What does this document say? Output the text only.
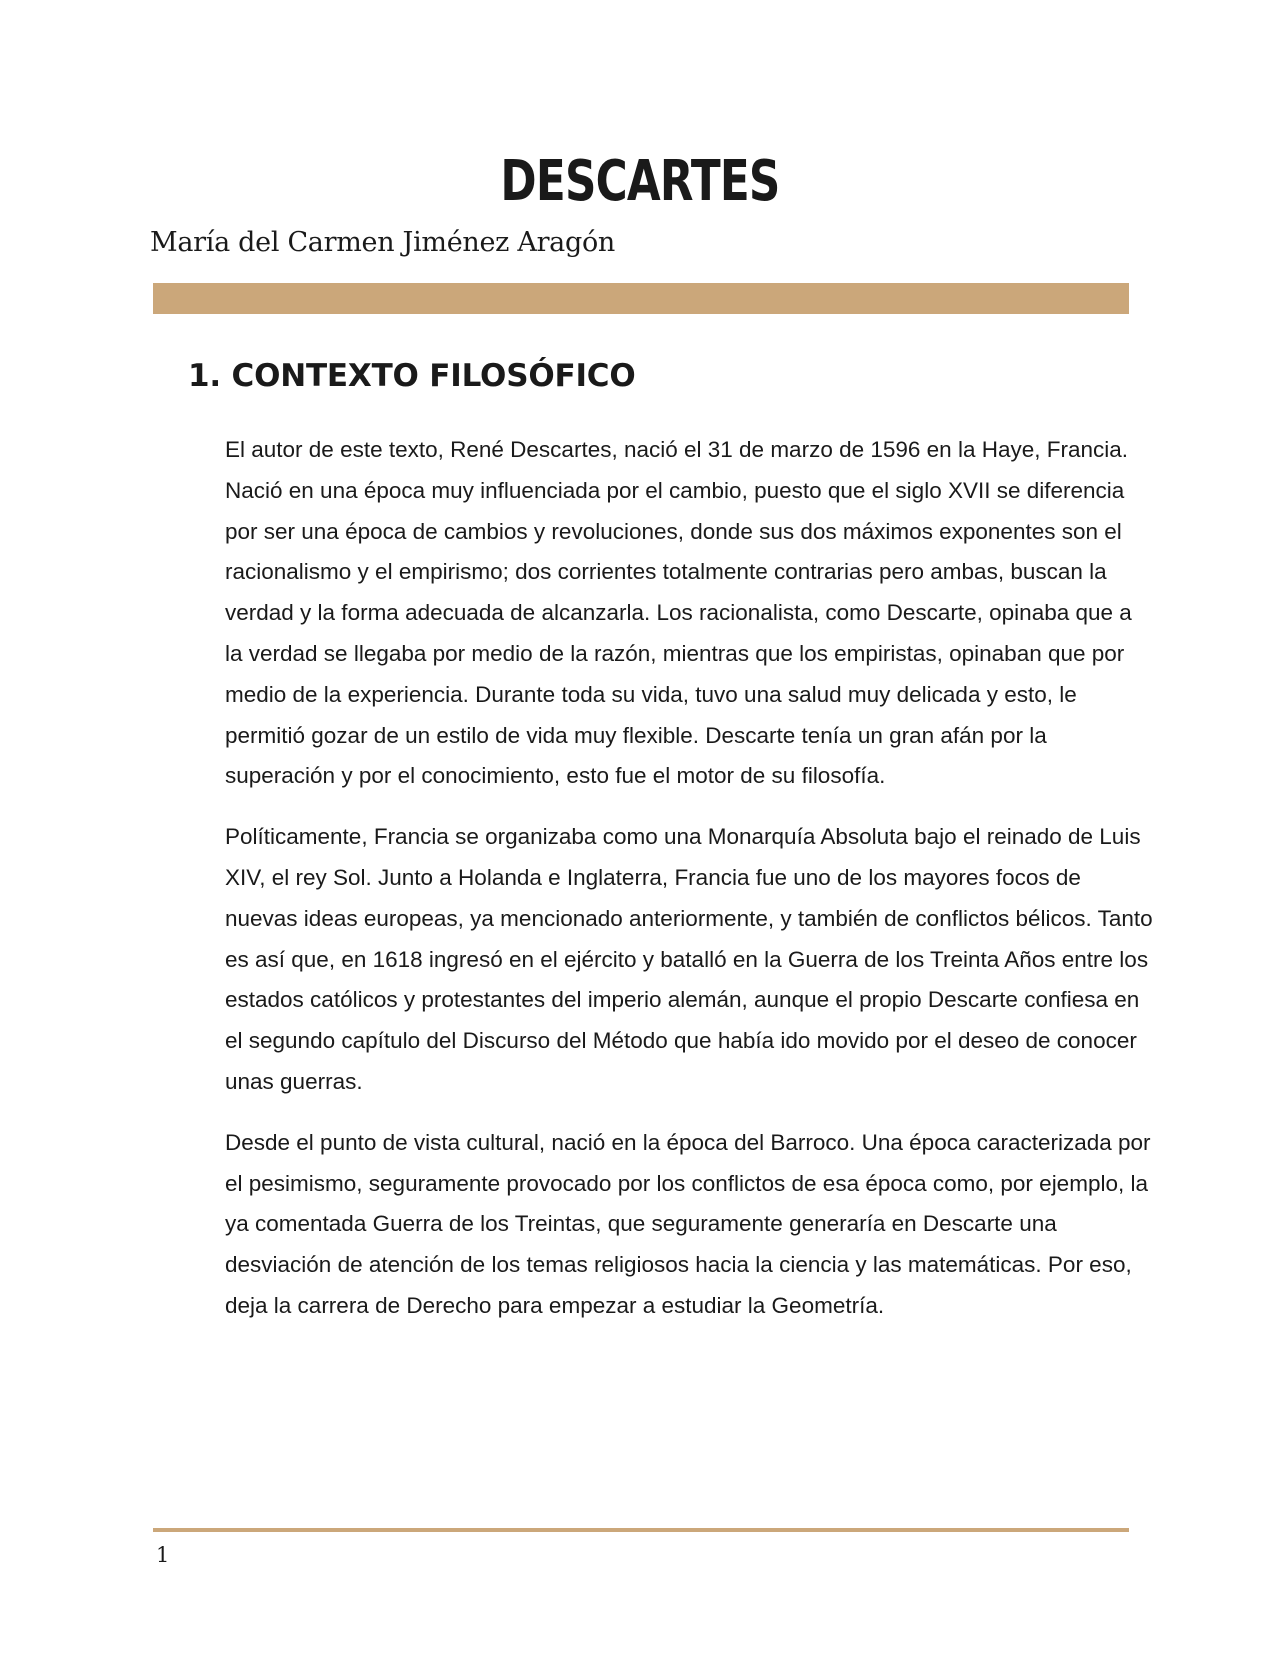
DESCARTES
María del Carmen Jiménez Aragón
1. CONTEXTO FILOSÓFICO

El autor de este texto, René Descartes, nació el 31 de marzo de 1596 en la Haye, Francia. Nació en una época muy influenciada por el cambio, puesto que el siglo XVII se diferencia por ser una época de cambios y revoluciones, donde sus dos máximos exponentes son el racionalismo y el empirismo; dos corrientes totalmente contrarias pero ambas, buscan la verdad y la forma adecuada de alcanzarla. Los racionalista, como Descarte, opinaba que a la verdad se llegaba por medio de la razón, mientras que los empiristas, opinaban que por medio de la experiencia. Durante toda su vida, tuvo una salud muy delicada y esto, le permitió gozar de un estilo de vida muy flexible. Descarte tenía un gran afán por la superación y por el conocimiento, esto fue el motor de su filosofía.

Políticamente, Francia se organizaba como una Monarquía Absoluta bajo el reinado de Luis XIV, el rey Sol. Junto a Holanda e Inglaterra, Francia fue uno de los mayores focos de nuevas ideas europeas, ya mencionado anteriormente, y también de conflictos bélicos. Tanto es así que, en 1618 ingresó en el ejército y batalló en la Guerra de los Treinta Años entre los estados católicos y protestantes del imperio alemán, aunque el propio Descarte confiesa en el segundo capítulo del Discurso del Método que había ido movido por el deseo de conocer unas guerras.

Desde el punto de vista cultural, nació en la época del Barroco. Una época caracterizada por el pesimismo, seguramente provocado por los conflictos de esa época como, por ejemplo, la ya comentada Guerra de los Treintas, que seguramente generaría en Descarte una desviación de atención de los temas religiosos hacia la ciencia y las matemáticas. Por eso, deja la carrera de Derecho para empezar a estudiar la Geometría.

1
